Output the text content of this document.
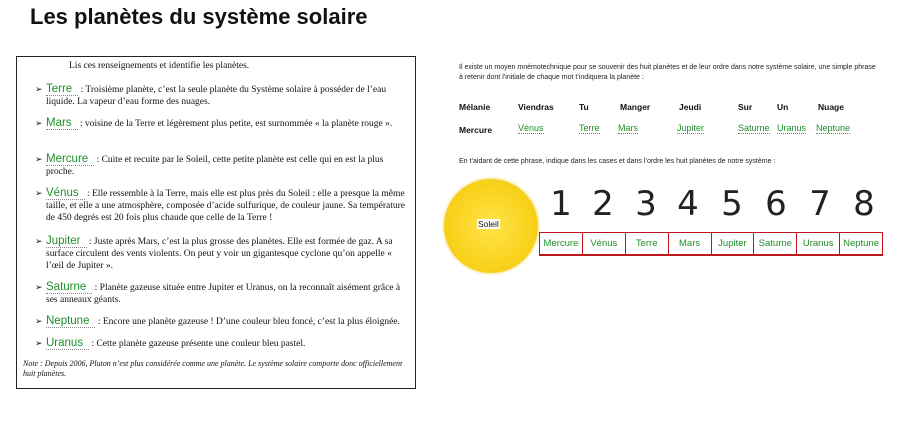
Les planètes du système solaire
Lis ces renseignements et identifie les planètes.
➢ Terre : Troisième planète, c’est la seule planète du Système solaire à posséder de l’eau liquide. La vapeur d’eau forme des nuages.
➢ Mars : voisine de la Terre et légèrement plus petite, est surnommée « la planète rouge ».
➢ Mercure : Cuite et recuite par le Soleil, cette petite planète est celle qui en est la plus proche.
➢ Vénus : Elle ressemble à la Terre, mais elle est plus près du Soleil : elle a presque la même taille, et elle a une atmosphère, composée d’acide sulfurique, de couleur jaune. Sa température de 450 degrés est 20 fois plus chaude que celle de la Terre !
➢ Jupiter : Juste après Mars, c’est la plus grosse des planètes. Elle est formée de gaz. A sa surface circulent des vents violents. On peut y voir un gigantesque cyclone qu’on appelle « l’œil de Jupiter ».
➢ Saturne : Planète gazeuse située entre Jupiter et Uranus, on la reconnaît aisément grâce à ses anneaux géants.
➢ Neptune : Encore une planète gazeuse ! D’une couleur bleu foncé, c’est la plus éloignée.
➢ Uranus : Cette planète gazeuse présente une couleur bleu pastel.
Note : Depuis 2006, Pluton n’est plus considérée comme une planète. Le système solaire comporte donc officiellement huit planètes.
Il existe un moyen mnémotechnique pour se souvenir des huit planètes et de leur ordre dans notre système solaire, une simple phrase à retenir dont l’initiale de chaque mot t’indiquera la planète :
Mélanie	Viendras	Tu	Manger	Jeudi	Sur	Un	Nuage
Mercure	Vénus	Terre Mars	Jupiter	Saturne Uranus Neptune
En t’aidant de cette phrase, indique dans les cases et dans l’ordre les huit planètes de notre système :
Soleil 1 2 3 4 5 6 7 8
Mercure	Vénus	Terre	Mars	Jupiter	Saturne	Uranus	Neptune
